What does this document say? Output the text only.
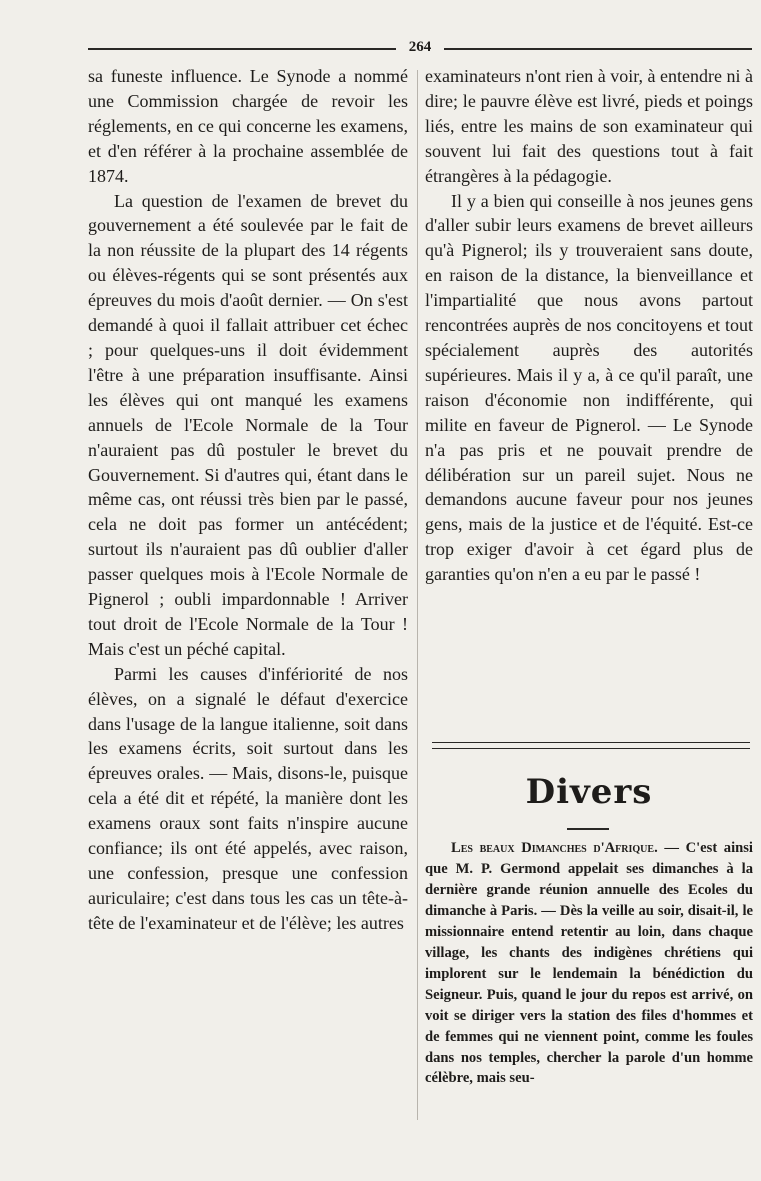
264

sa funeste influence. Le Synode a nommé une Commission chargée de revoir les réglements, en ce qui concerne les examens, et d'en référer à la prochaine assemblée de 1874.

La question de l'examen de brevet du gouvernement a été soulevée par le fait de la non réussite de la plupart des 14 régents ou élèves-régents qui se sont présentés aux épreuves du mois d'août dernier. — On s'est demandé à quoi il fallait attribuer cet échec ; pour quelques-uns il doit évidemment l'être à une préparation insuffisante. Ainsi les élèves qui ont manqué les examens annuels de l'Ecole Normale de la Tour n'auraient pas dû postuler le brevet du Gouvernement. Si d'autres qui, étant dans le même cas, ont réussi très bien par le passé, cela ne doit pas former un antécédent; surtout ils n'auraient pas dû oublier d'aller passer quelques mois à l'Ecole Normale de Pignerol ; oubli impardonnable ! Arriver tout droit de l'Ecole Normale de la Tour ! Mais c'est un péché capital.

Parmi les causes d'infériorité de nos élèves, on a signalé le défaut d'exercice dans l'usage de la langue italienne, soit dans les examens écrits, soit surtout dans les épreuves orales. — Mais, disons-le, puisque cela a été dit et répété, la manière dont les examens oraux sont faits n'inspire aucune confiance; ils ont été appelés, avec raison, une confession, presque une confession auriculaire; c'est dans tous les cas un tête-à-tête de l'examinateur et de l'élève; les autres

examinateurs n'ont rien à voir, à entendre ni à dire; le pauvre élève est livré, pieds et poings liés, entre les mains de son examinateur qui souvent lui fait des questions tout à fait étrangères à la pédagogie.

Il y a bien qui conseille à nos jeunes gens d'aller subir leurs examens de brevet ailleurs qu'à Pignerol; ils y trouveraient sans doute, en raison de la distance, la bienveillance et l'impartialité que nous avons partout rencontrées auprès de nos concitoyens et tout spécialement auprès des autorités supérieures. Mais il y a, à ce qu'il paraît, une raison d'économie non indifférente, qui milite en faveur de Pignerol. — Le Synode n'a pas pris et ne pouvait prendre de délibération sur un pareil sujet. Nous ne demandons aucune faveur pour nos jeunes gens, mais de la justice et de l'équité. Est-ce trop exiger d'avoir à cet égard plus de garanties qu'on n'en a eu par le passé !

Divers

Les beaux Dimanches d'Afrique. — C'est ainsi que M. P. Germond appelait ses dimanches à la dernière grande réunion annuelle des Ecoles du dimanche à Paris. — Dès la veille au soir, disait-il, le missionnaire entend retentir au loin, dans chaque village, les chants des indigènes chrétiens qui implorent sur le lendemain la bénédiction du Seigneur. Puis, quand le jour du repos est arrivé, on voit se diriger vers la station des files d'hommes et de femmes qui ne viennent point, comme les foules dans nos temples, chercher la parole d'un homme célèbre, mais seu-
